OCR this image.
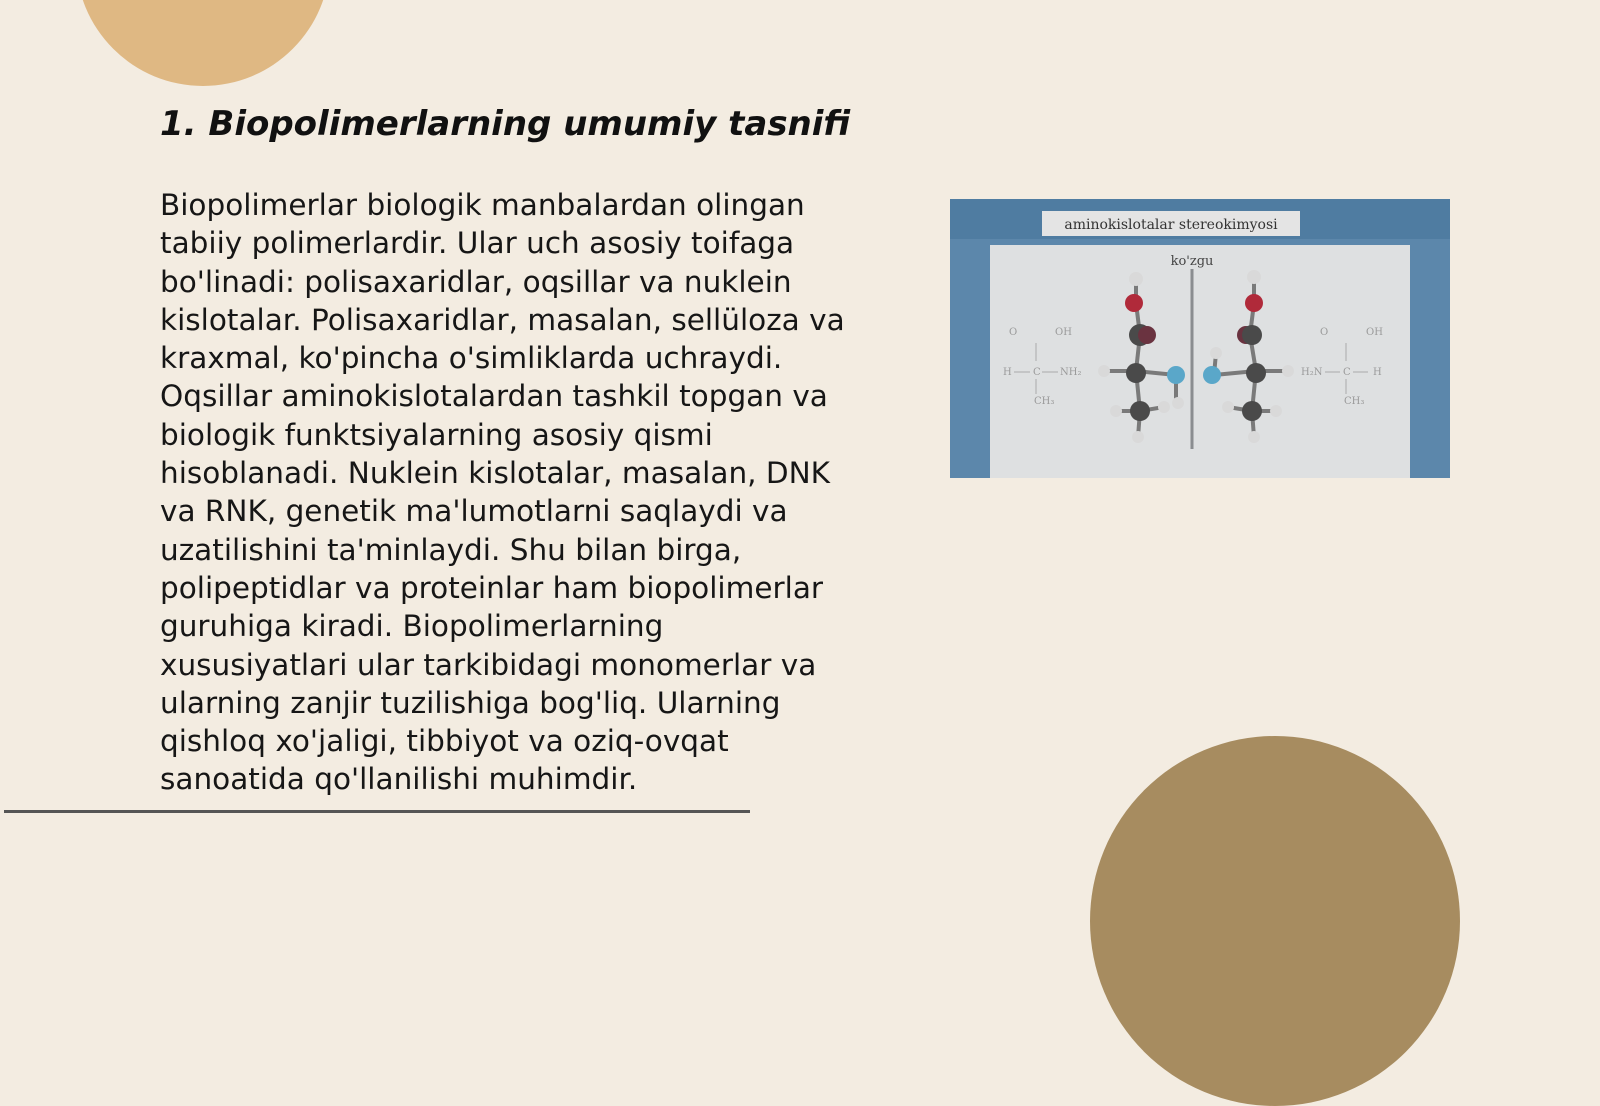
1. Biopolimerlarning umumiy tasnifi

Biopolimerlar biologik manbalardan olingan tabiiy polimerlardir. Ular uch asosiy toifaga bo'linadi: polisaxaridlar, oqsillar va nuklein kislotalar. Polisaxaridlar, masalan, sellüloza va kraxmal, ko'pincha o'simliklarda uchraydi. Oqsillar aminokislotalardan tashkil topgan va biologik funktsiyalarning asosiy qismi hisoblanadi. Nuklein kislotalar, masalan, DNK va RNK, genetik ma'lumotlarni saqlaydi va uzatilishini ta'minlaydi. Shu bilan birga, polipeptidlar va proteinlar ham biopolimerlar guruhiga kiradi. Biopolimerlarning xususiyatlari ular tarkibidagi monomerlar va ularning zanjir tuzilishiga bog'liq. Ularning qishloq xo'jaligi, tibbiyot va oziq-ovqat sanoatida qo'llanilishi muhimdir.

aminokislotalar stereokimyosi
ko'zgu
O	OH
H C NH₂
CH₃
O	OH
H₂N C H
CH₃
